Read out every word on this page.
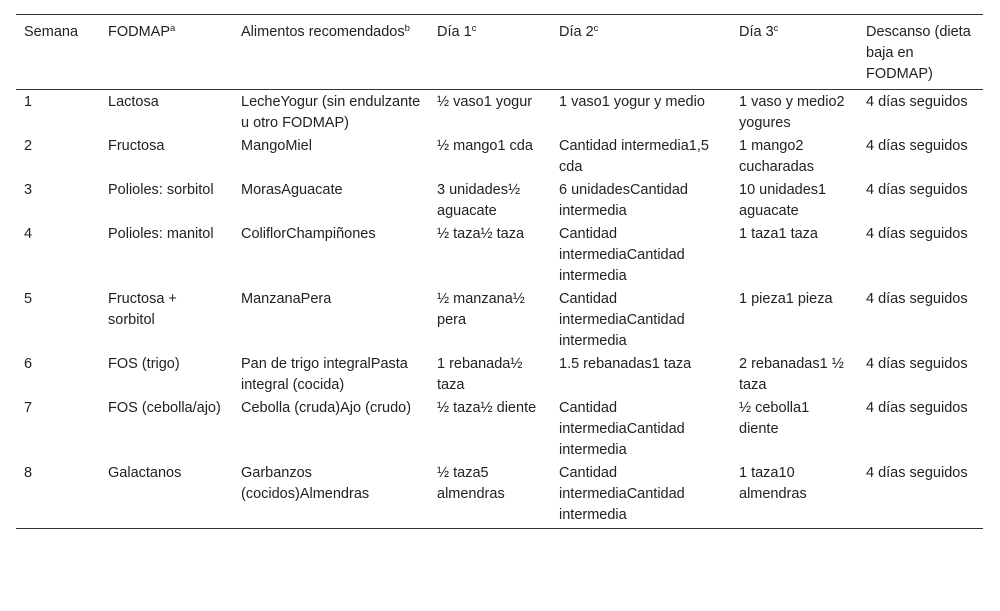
Semana	FODMAP$^a$	Alimentos recomendados$^b$	Día 1$^c$	Día 2$^c$	Día 3$^c$	Descanso (dieta baja en FODMAP)
1	Lactosa	LecheYogur (sin endulzante u otro FODMAP)	½ vaso1 yogur	1 vaso1 yogur y medio	1 vaso y medio2 yogures	4 días seguidos
2	Fructosa	MangoMiel	½ mango1 cda	Cantidad intermedia1,5 cda	1 mango2 cucharadas	4 días seguidos
3	Polioles: sorbitol	MorasAguacate	3 unidades½ aguacate	6 unidadesCantidad intermedia	10 unidades1 aguacate	4 días seguidos
4	Polioles: manitol	ColiflorChampiñones	½ taza½ taza	Cantidad intermediaCantidad intermedia	1 taza1 taza	4 días seguidos
5	Fructosa + sorbitol	ManzanaPera	½ manzana½ pera	Cantidad intermediaCantidad intermedia	1 pieza1 pieza	4 días seguidos
6	FOS (trigo)	Pan de trigo integralPasta integral (cocida)	1 rebanada½ taza	1.5 rebanadas1 taza	2 rebanadas1 ½ taza	4 días seguidos
7	FOS (cebolla/ajo)	Cebolla (cruda)Ajo (crudo)	½ taza½ diente	Cantidad intermediaCantidad intermedia	½ cebolla1 diente	4 días seguidos
8	Galactanos	Garbanzos (cocidos)Almendras	½ taza5 almendras	Cantidad intermediaCantidad intermedia	1 taza10 almendras	4 días seguidos
